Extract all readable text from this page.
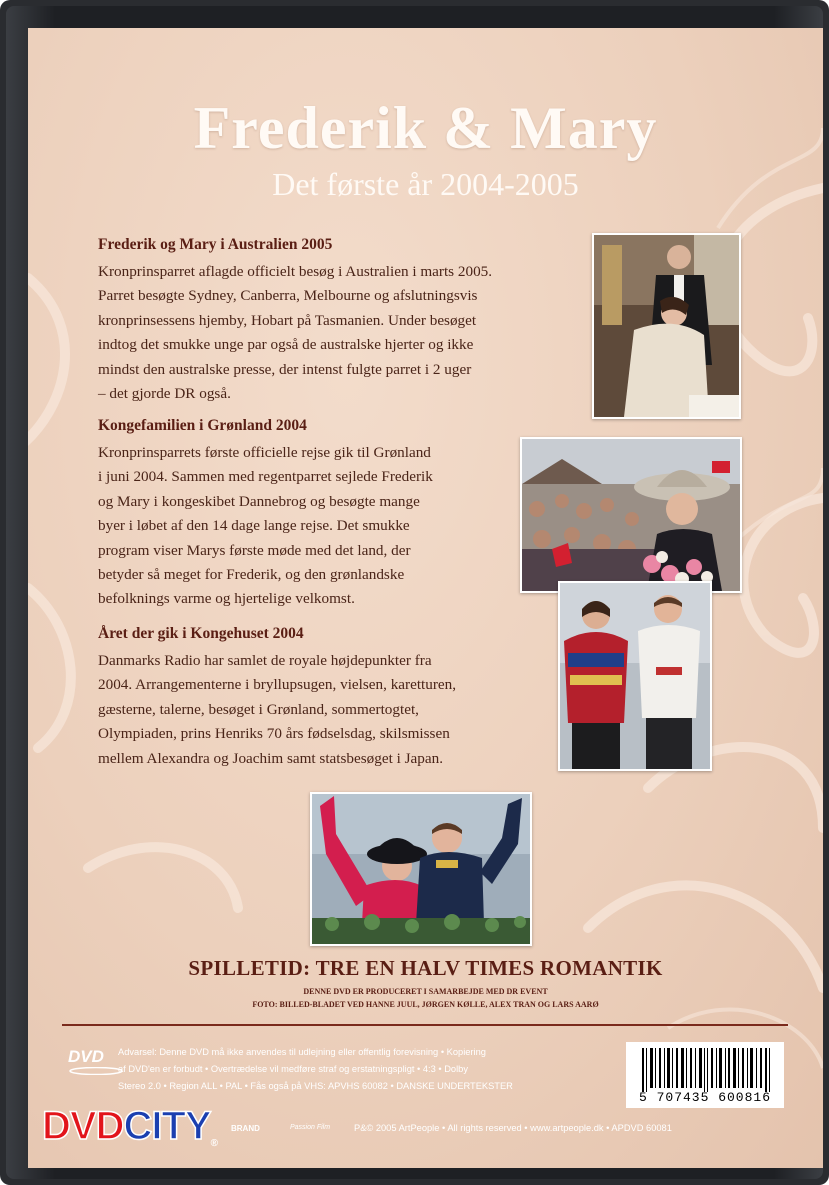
Frederik & Mary
Det første år 2004-2005
Frederik og Mary i Australien 2005

Kronprinsparret aflagde officielt besøg i Australien i marts 2005.
Parret besøgte Sydney, Canberra, Melbourne og afslutningsvis
kronprinsessens hjemby, Hobart på Tasmanien. Under besøget
indtog det smukke unge par også de australske hjerter og ikke
mindst den australske presse, der intenst fulgte parret i 2 uger
– det gjorde DR også.

Kongefamilien i Grønland 2004

Kronprinsparrets første officielle rejse gik til Grønland
i juni 2004. Sammen med regentparret sejlede Frederik
og Mary i kongeskibet Dannebrog og besøgte mange
byer i løbet af den 14 dage lange rejse. Det smukke
program viser Marys første møde med det land, der
betyder så meget for Frederik, og den grønlandske
befolknings varme og hjertelige velkomst.

Året der gik i Kongehuset 2004

Danmarks Radio har samlet de royale højdepunkter fra
2004. Arrangementerne i bryllupsugen, vielsen, karetturen,
gæsterne, talerne, besøget i Grønland, sommertogtet,
Olympiaden, prins Henriks 70 års fødselsdag, skilsmissen
mellem Alexandra og Joachim samt statsbesøget i Japan.

SPILLETID: TRE EN HALV TIMES ROMANTIK
DENNE DVD ER PRODUCERET I SAMARBEJDE MED DR EVENT
FOTO: BILLED-BLADET VED HANNE JUUL, JØRGEN KØLLE, ALEX TRAN OG LARS AARØ
DVD	Advarsel: Denne DVD må ikke anvendes til udlejning eller offentlig forevisning • Kopiering
af DVD'en er forbudt • Overtrædelse vil medføre straf og erstatningspligt • 4:3 • Dolby
Stereo 2.0 • Region ALL • PAL • Fås også på VHS: APVHS 60082 • DANSKE UNDERTEKSTER
5 707435 600816
BRAND	Passion Film	P&© 2005 ArtPeople • All rights reserved • www.artpeople.dk • APDVD 60081
DVDCITY®
